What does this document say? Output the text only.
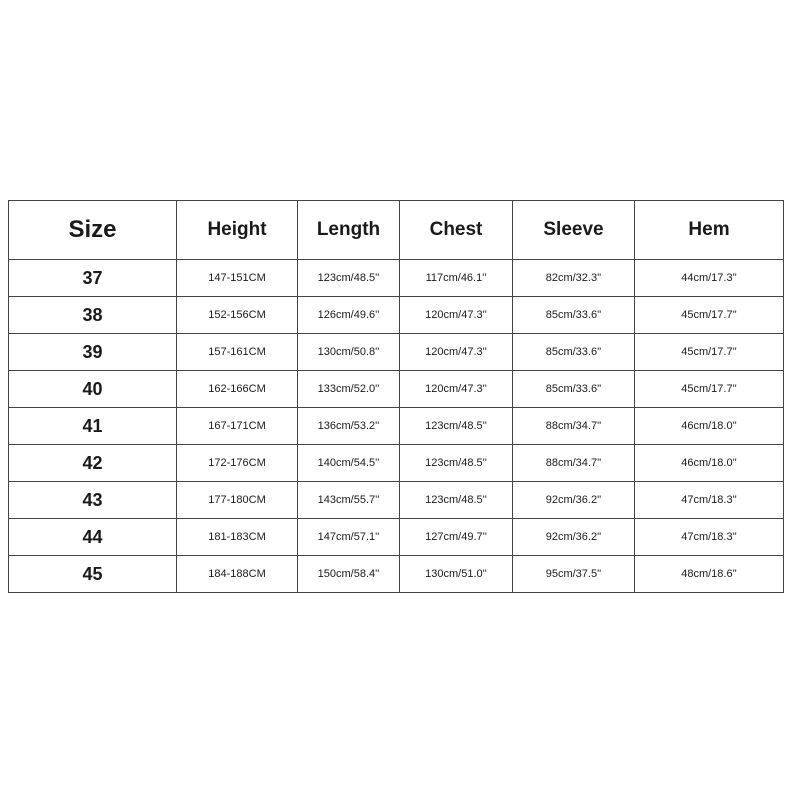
Size	Height	Length	Chest	Sleeve	Hem
37	147-151CM	123cm/48.5''	117cm/46.1''	82cm/32.3''	44cm/17.3''
38	152-156CM	126cm/49.6''	120cm/47.3''	85cm/33.6''	45cm/17.7''
39	157-161CM	130cm/50.8''	120cm/47.3''	85cm/33.6''	45cm/17.7''
40	162-166CM	133cm/52.0''	120cm/47.3''	85cm/33.6''	45cm/17.7''
41	167-171CM	136cm/53.2''	123cm/48.5''	88cm/34.7''	46cm/18.0''
42	172-176CM	140cm/54.5''	123cm/48.5''	88cm/34.7''	46cm/18.0''
43	177-180CM	143cm/55.7''	123cm/48.5''	92cm/36.2''	47cm/18.3''
44	181-183CM	147cm/57.1''	127cm/49.7''	92cm/36.2''	47cm/18.3''
45	184-188CM	150cm/58.4''	130cm/51.0''	95cm/37.5''	48cm/18.6''
